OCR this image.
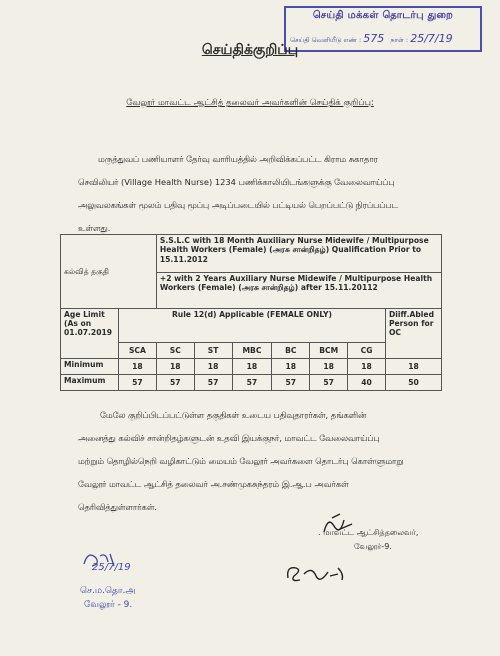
செய்தி மக்கள் தொடர்பு துறை
செய்தி வெளியீடு எண் : 575 நாள் : 25/7/19
செய்திக்குறிப்பு
வேலூர் மாவட்ட ஆட்சித் தலைவர் அவர்களின் செய்திக் குறிப்பு:
மருத்துவப் பணியாளர் தேர்வு வாரியத்தில் அறிவிக்கப்பட்ட கிராம சுகாதார
செவிலியர் (Village Health Nurse) 1234 பணிக்காலியிடங்களுக்கு வேலைவாய்ப்பு
அலுவலகங்கள் மூலம் பதிவு மூப்பு அடிப்படையில் பட்டியல் பெறப்பட்டு நிரப்பப்பட
உள்ளது.
கல்வித் தகுதி		S.S.L.C with 18 Month Auxiliary Nurse Midewife / Multipurpose Health Workers (Female) (அரசு சான்றிதழ்) Qualification Prior to 15.11.2012						
		+2 with 2 Years Auxiliary Nurse Midewife / Multipurpose Health Workers (Female) (அரசு சான்றிதழ்) after 15.11.20112						
Age Limit (As on 01.07.2019	Rule 12(d) Applicable (FEMALE ONLY)							Diiff.Abled Person for OC
	SCA	SC	ST	MBC	BC	BCM	CG	
Minimum	18	18	18	18	18	18	18	18
Maximum	57	57	57	57	57	57	40	50
மேலே குறிப்பிடப்பட்டுள்ள தகுதிகள் உடைய பதிவுதாரர்கள், தங்களின்
அனைத்து கல்விச் சான்றிதழ்களுடன் உதவி இயக்குநர், மாவட்ட வேலைவாய்ப்பு
மற்றும் தொழில்நெறி வழிகாட்டும் மையம் வேலூர் அவர்களை தொடர்பு கொள்ளுமாறு
வேலூர் மாவட்ட ஆட்சித் தலைவர் அ.சண்முகசுந்தரம் இ.ஆ.ப அவர்கள்
தெரிவித்துள்ளார்கள்.
. மாவட்ட ஆட்சித்தலைவர்,
வேலூர்-9.
25/7/19
செ.ம.தொ.அ
வேலூர் - 9.
